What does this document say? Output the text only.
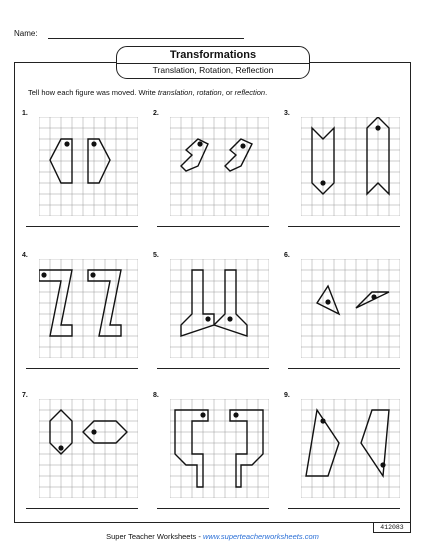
Name:
Transformations
Translation, Rotation, Reflection
Tell how each figure was moved. Write translation, rotation, or reflection.
1.	2.	3.
4.	5.	6.
7.	8.	9.
Super Teacher Worksheets - www.superteacherworksheets.com
412083
